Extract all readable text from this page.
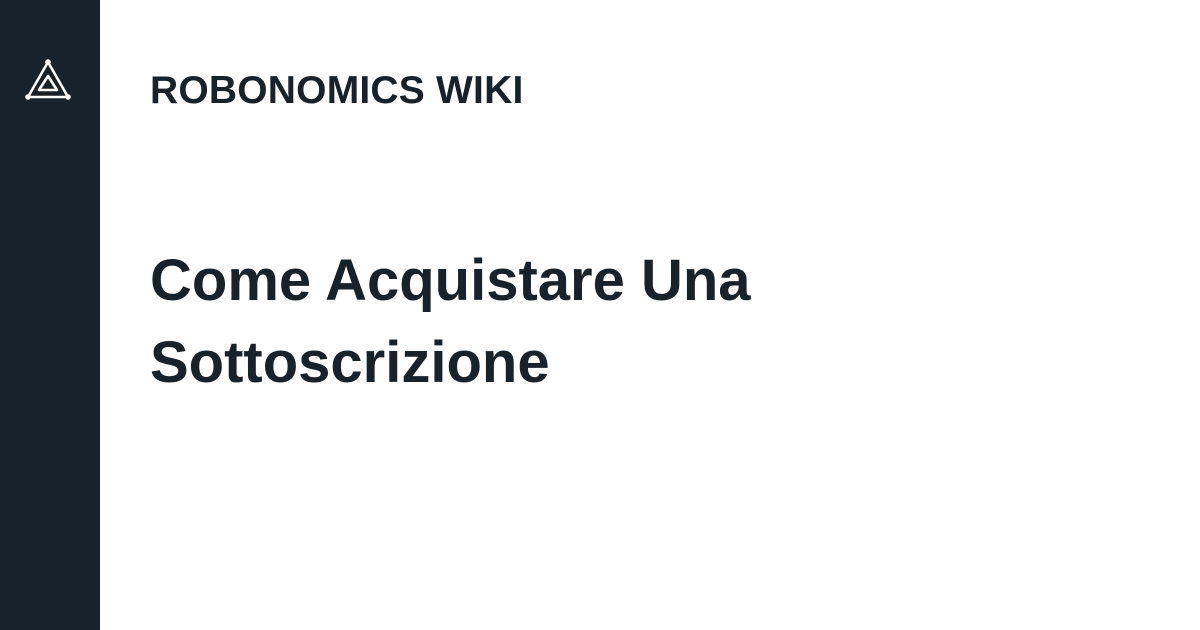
ROBONOMICS WIKI
Come Acquistare Una
Sottoscrizione
